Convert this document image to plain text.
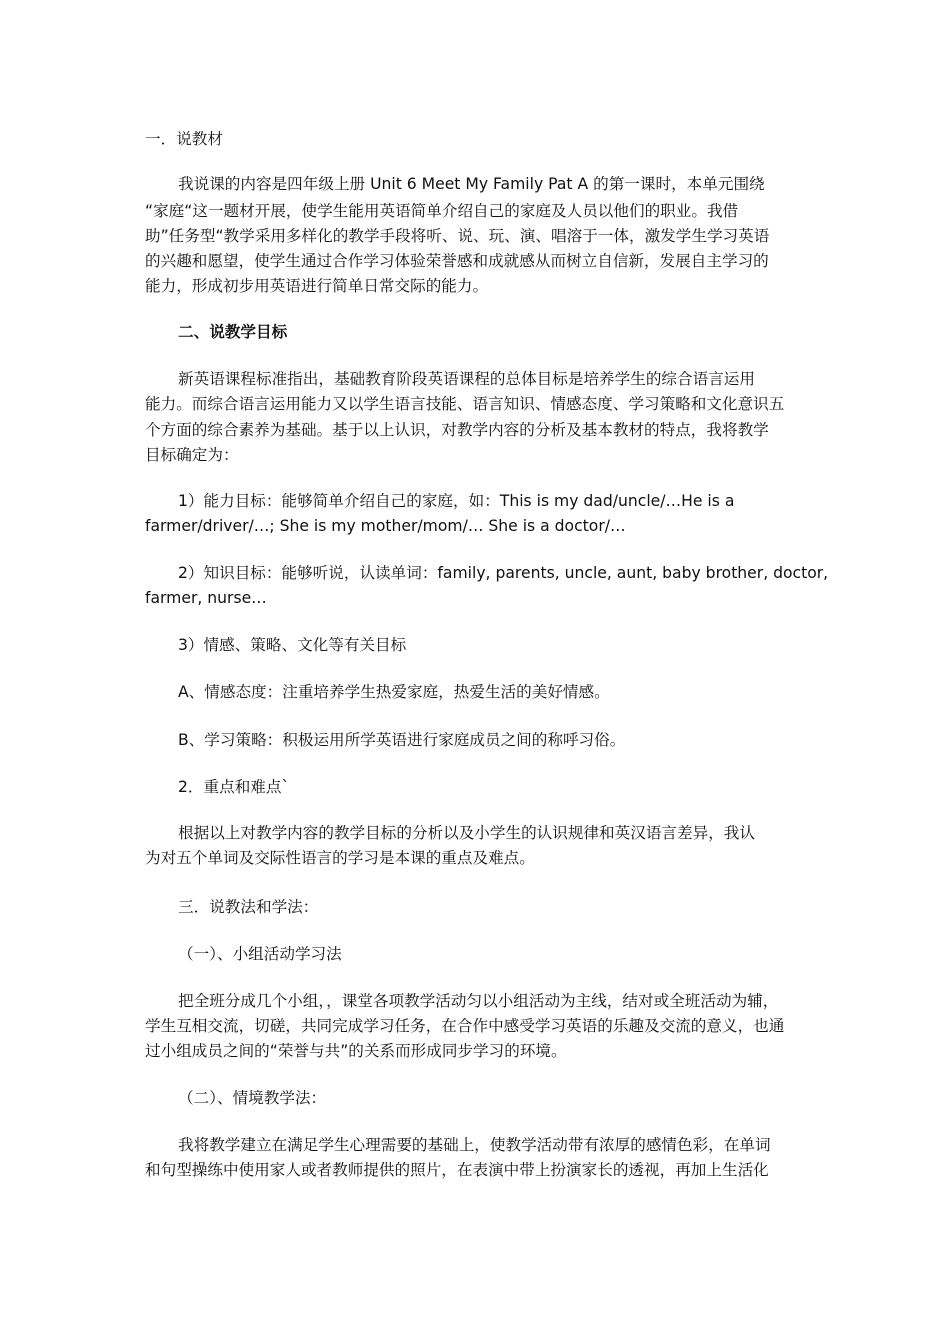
一．说教材
我说课的内容是四年级上册 Unit 6 Meet My Family Pat A 的第一课时，本单元围绕
“家庭“这一题材开展，使学生能用英语简单介绍自己的家庭及人员以他们的职业。我借
助”任务型“教学采用多样化的教学手段将听、说、玩、演、唱溶于一体，激发学生学习英语
的兴趣和愿望，使学生通过合作学习体验荣誉感和成就感从而树立自信新，发展自主学习的
能力，形成初步用英语进行简单日常交际的能力。
二、说教学目标
新英语课程标准指出，基础教育阶段英语课程的总体目标是培养学生的综合语言运用
能力。而综合语言运用能力又以学生语言技能、语言知识、情感态度、学习策略和文化意识五
个方面的综合素养为基础。基于以上认识，对教学内容的分析及基本教材的特点，我将教学
目标确定为：
1）能力目标：能够简单介绍自己的家庭，如：This is my dad/uncle/…He is a
farmer/driver/…; She is my mother/mom/… She is a doctor/…
2）知识目标：能够听说，认读单词：family, parents, uncle, aunt, baby brother, doctor,
farmer, nurse…
3）情感、策略、文化等有关目标
A、情感态度：注重培养学生热爱家庭，热爱生活的美好情感。
B、学习策略：积极运用所学英语进行家庭成员之间的称呼习俗。
2．重点和难点`
根据以上对教学内容的教学目标的分析以及小学生的认识规律和英汉语言差异，我认
为对五个单词及交际性语言的学习是本课的重点及难点。
三．说教法和学法：
（一）、小组活动学习法
把全班分成几个小组，，课堂各项教学活动匀以小组活动为主线，结对或全班活动为辅，
学生互相交流，切磋，共同完成学习任务，在合作中感受学习英语的乐趣及交流的意义，也通
过小组成员之间的“荣誉与共”的关系而形成同步学习的环境。
（二）、情境教学法：
我将教学建立在满足学生心理需要的基础上，使教学活动带有浓厚的感情色彩，在单词
和句型操练中使用家人或者教师提供的照片，在表演中带上扮演家长的透视，再加上生活化
